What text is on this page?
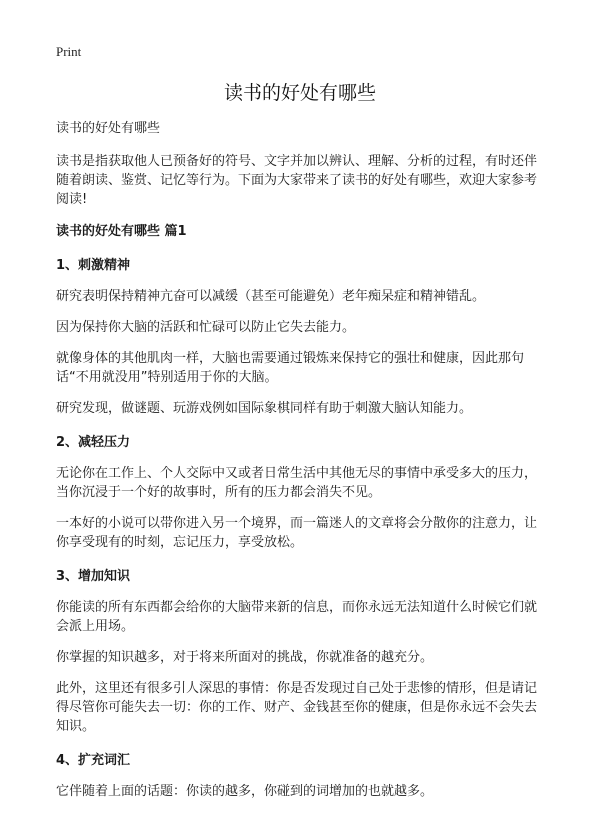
Print
读书的好处有哪些

读书的好处有哪些

读书是指获取他人已预备好的符号、文字并加以辨认、理解、分析的过程，有时还伴随着朗读、鉴赏、记忆等行为。下面为大家带来了读书的好处有哪些，欢迎大家参考阅读!

读书的好处有哪些 篇1
1、刺激精神

研究表明保持精神亢奋可以减缓（甚至可能避免）老年痴呆症和精神错乱。

因为保持你大脑的活跃和忙碌可以防止它失去能力。

就像身体的其他肌肉一样，大脑也需要通过锻炼来保持它的强壮和健康，因此那句话“不用就没用”特别适用于你的大脑。

研究发现，做谜题、玩游戏例如国际象棋同样有助于刺激大脑认知能力。

2、减轻压力

无论你在工作上、个人交际中又或者日常生活中其他无尽的事情中承受多大的压力，当你沉浸于一个好的故事时，所有的压力都会消失不见。

一本好的小说可以带你进入另一个境界，而一篇迷人的文章将会分散你的注意力，让你享受现有的时刻，忘记压力，享受放松。

3、增加知识

你能读的所有东西都会给你的大脑带来新的信息，而你永远无法知道什么时候它们就会派上用场。

你掌握的知识越多，对于将来所面对的挑战，你就准备的越充分。

此外，这里还有很多引人深思的事情：你是否发现过自己处于悲惨的情形，但是请记得尽管你可能失去一切：你的工作、财产、金钱甚至你的健康，但是你永远不会失去知识。

4、扩充词汇

它伴随着上面的话题：你读的越多，你碰到的词增加的也就越多。
